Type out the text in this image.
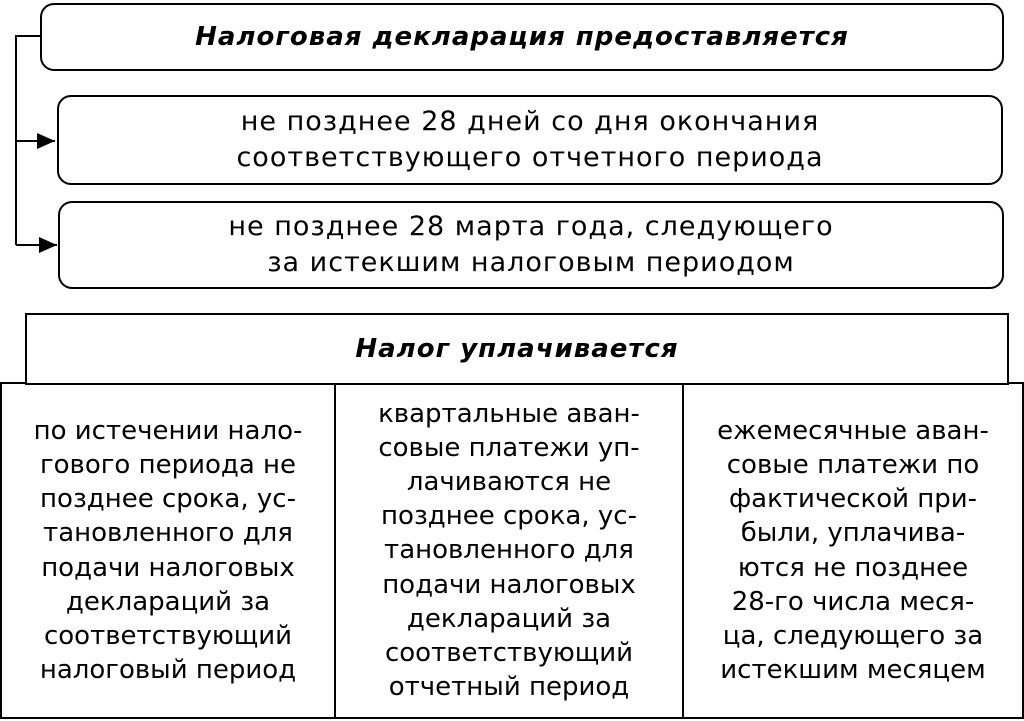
Налоговая декларация предоставляется
не позднее 28 дней со дня окончания
соответствующего отчетного периода
не позднее 28 марта года, следующего
за истекшим налоговым периодом
по истечении нало-
гового периода не
позднее срока, ус-
тановленного для
подачи налоговых
деклараций за
соответствующий
налоговый период
квартальные аван-
совые платежи уп-
лачиваются не
позднее срока, ус-
тановленного для
подачи налоговых
деклараций за
соответствующий
отчетный период
ежемесячные аван-
совые платежи по
фактической при-
были, уплачива-
ются не позднее
28-го числа меся-
ца, следующего за
истекшим месяцем
Налог уплачивается
